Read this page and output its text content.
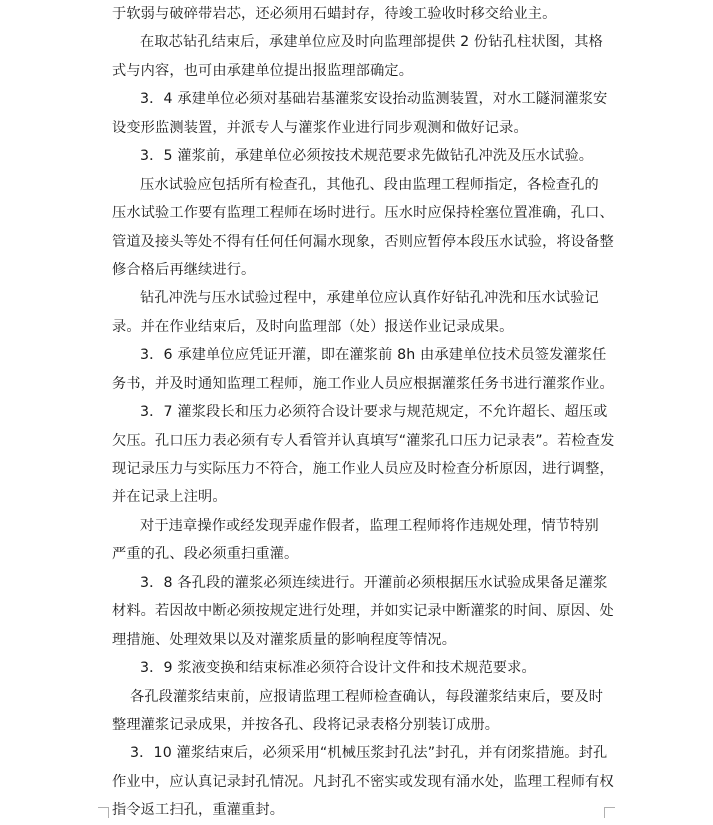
于软弱与破碎带岩芯，还必须用石蜡封存，待竣工验收时移交给业主。
在取芯钻孔结束后，承建单位应及时向监理部提供 2 份钻孔柱状图，其格
式与内容，也可由承建单位提出报监理部确定。
3．4 承建单位必须对基础岩基灌浆安设抬动监测装置，对水工隧洞灌浆安
设变形监测装置，并派专人与灌浆作业进行同步观测和做好记录。
3．5 灌浆前，承建单位必须按技术规范要求先做钻孔冲洗及压水试验。
压水试验应包括所有检查孔，其他孔、段由监理工程师指定，各检查孔的
压水试验工作要有监理工程师在场时进行。压水时应保持栓塞位置准确，孔口、
管道及接头等处不得有任何任何漏水现象，否则应暂停本段压水试验，将设备整
修合格后再继续进行。
钻孔冲洗与压水试验过程中，承建单位应认真作好钻孔冲洗和压水试验记
录。并在作业结束后，及时向监理部（处）报送作业记录成果。
3．6 承建单位应凭证开灌，即在灌浆前 8h 由承建单位技术员签发灌浆任
务书，并及时通知监理工程师，施工作业人员应根据灌浆任务书进行灌浆作业。
3．7 灌浆段长和压力必须符合设计要求与规范规定，不允许超长、超压或
欠压。孔口压力表必须有专人看管并认真填写“灌浆孔口压力记录表”。若检查发
现记录压力与实际压力不符合，施工作业人员应及时检查分析原因，进行调整，
并在记录上注明。
对于违章操作或经发现弄虚作假者，监理工程师将作违规处理，情节特别
严重的孔、段必须重扫重灌。
3．8 各孔段的灌浆必须连续进行。开灌前必须根据压水试验成果备足灌浆
材料。若因故中断必须按规定进行处理，并如实记录中断灌浆的时间、原因、处
理措施、处理效果以及对灌浆质量的影响程度等情况。
3．9 浆液变换和结束标准必须符合设计文件和技术规范要求。
各孔段灌浆结束前，应报请监理工程师检查确认，每段灌浆结束后，要及时
整理灌浆记录成果，并按各孔、段将记录表格分别装订成册。
3．10 灌浆结束后，必须采用“机械压浆封孔法”封孔，并有闭浆措施。封孔
作业中，应认真记录封孔情况。凡封孔不密实或发现有涌水处，监理工程师有权
指令返工扫孔，重灌重封。
